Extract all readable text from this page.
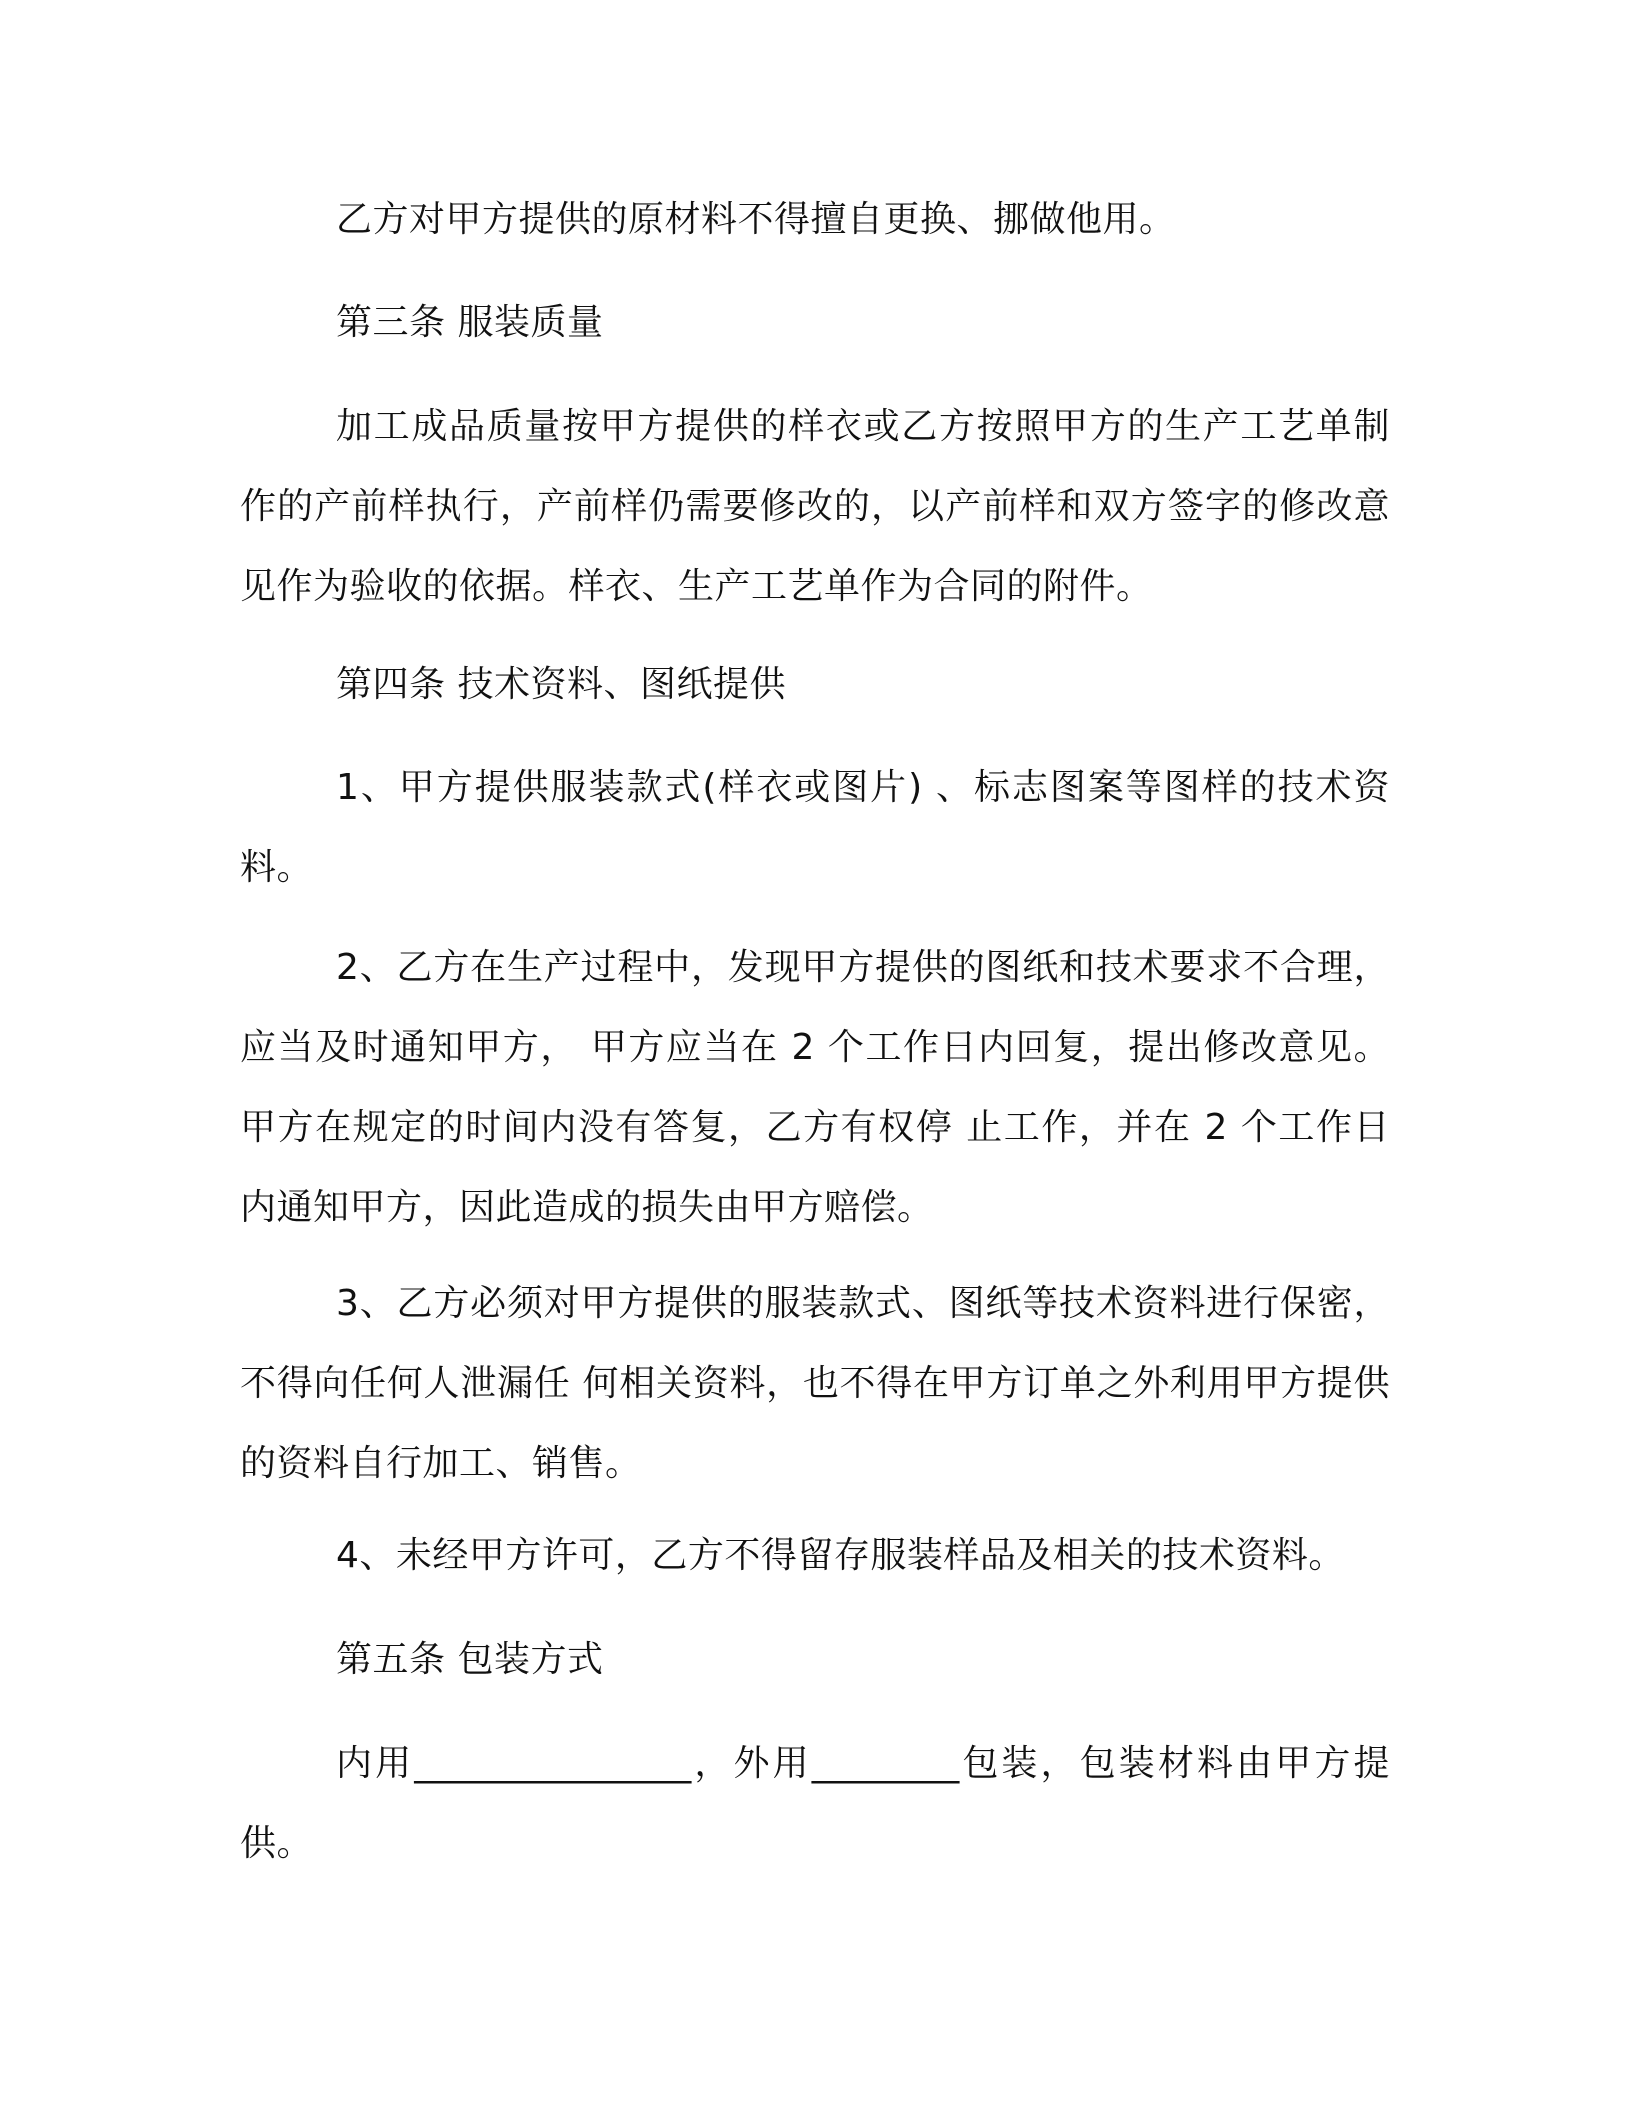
乙方对甲方提供的原材料不得擅自更换、挪做他用。

第三条 服装质量

加工成品质量按甲方提供的样衣或乙方按照甲方的生产工艺单制作的产前样执行，产前样仍需要修改的，以产前样和双方签字的修改意见作为验收的依据。样衣、生产工艺单作为合同的附件。

第四条 技术资料、图纸提供

1、甲方提供服装款式(样衣或图片) 、标志图案等图样的技术资料。

2、乙方在生产过程中，发现甲方提供的图纸和技术要求不合理，应当及时通知甲方， 甲方应当在 2 个工作日内回复，提出修改意见。甲方在规定的时间内没有答复，乙方有权停 止工作，并在 2 个工作日内通知甲方，因此造成的损失由甲方赔偿。

3、乙方必须对甲方提供的服装款式、图纸等技术资料进行保密，不得向任何人泄漏任 何相关资料，也不得在甲方订单之外利用甲方提供的资料自行加工、销售。

4、未经甲方许可，乙方不得留存服装样品及相关的技术资料。

第五条 包装方式

内用_______________，外用________包装，包装材料由甲方提供。
